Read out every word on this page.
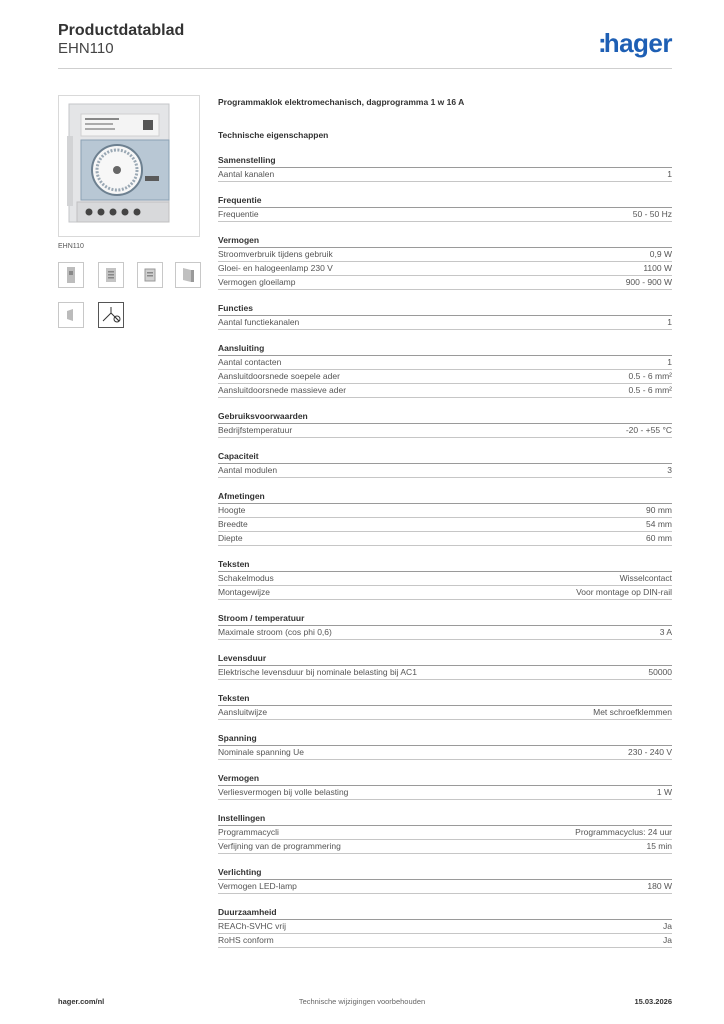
Productdatablad
EHN110	:hager
EHN110
Programmaklok elektromechanisch, dagprogramma 1 w 16 A
Technische eigenschappen
Samenstelling
Aantal kanalen	1
Frequentie
Frequentie	50 - 50 Hz
Vermogen
Stroomverbruik tijdens gebruik	0,9 W
Gloei- en halogeenlamp 230 V	1100 W
Vermogen gloeilamp	900 - 900 W
Functies
Aantal functiekanalen	1
Aansluiting
Aantal contacten	1
Aansluitdoorsnede soepele ader	0.5 - 6 mm²
Aansluitdoorsnede massieve ader	0.5 - 6 mm²
Gebruiksvoorwaarden
Bedrijfstemperatuur	-20 - +55 °C
Capaciteit
Aantal modulen	3
Afmetingen
Hoogte	90 mm
Breedte	54 mm
Diepte	60 mm
Teksten
Schakelmodus	Wisselcontact
Montagewijze	Voor montage op DIN-rail
Stroom / temperatuur
Maximale stroom (cos phi 0,6)	3 A
Levensduur
Elektrische levensduur bij nominale belasting bij AC1	50000
Teksten
Aansluitwijze	Met schroefklemmen
Spanning
Nominale spanning Ue	230 - 240 V
Vermogen
Verliesvermogen bij volle belasting	1 W
Instellingen
Programmacycli	Programmacyclus: 24 uur
Verfijning van de programmering	15 min
Verlichting
Vermogen LED-lamp	180 W
Duurzaamheid
REACh-SVHC vrij	Ja
RoHS conform	Ja
hager.com/nl	Technische wijzigingen voorbehouden	15.03.2026
